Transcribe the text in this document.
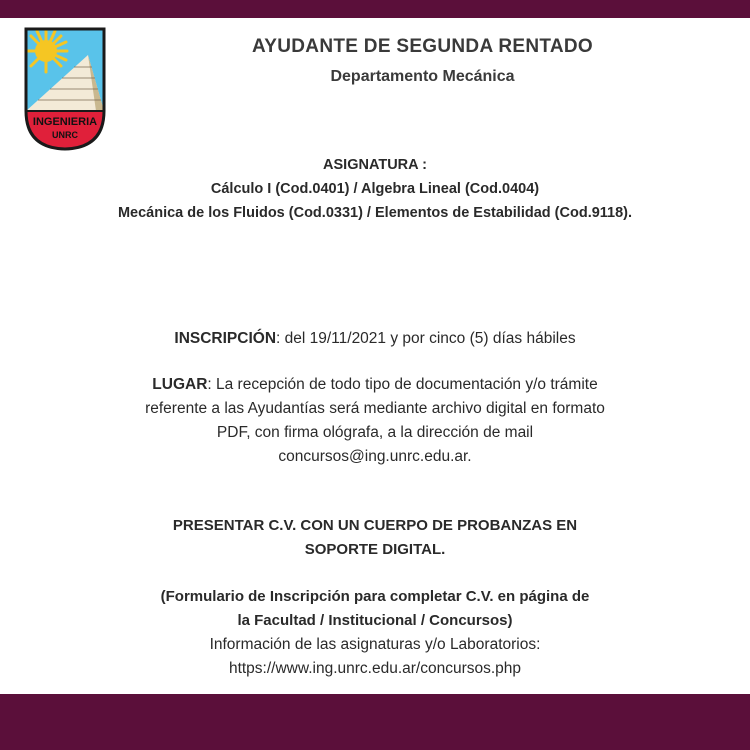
INGENIERIA
UNRC
AYUDANTE DE SEGUNDA RENTADO
Departamento Mecánica
ASIGNATURA :
Cálculo I (Cod.0401) / Algebra Lineal (Cod.0404)
Mecánica de los Fluidos (Cod.0331) / Elementos de Estabilidad (Cod.9118).
INSCRIPCIÓN: del 19/11/2021 y por cinco (5) días hábiles
LUGAR: La recepción de todo tipo de documentación y/o trámite
referente a las Ayudantías será mediante archivo digital en formato
PDF, con firma ológrafa, a la dirección de mail
concursos@ing.unrc.edu.ar.
PRESENTAR C.V. CON UN CUERPO DE PROBANZAS EN
SOPORTE DIGITAL.
(Formulario de Inscripción para completar C.V. en página de
la Facultad / Institucional / Concursos)
Información de las asignaturas y/o Laboratorios:
https://www.ing.unrc.edu.ar/concursos.php
